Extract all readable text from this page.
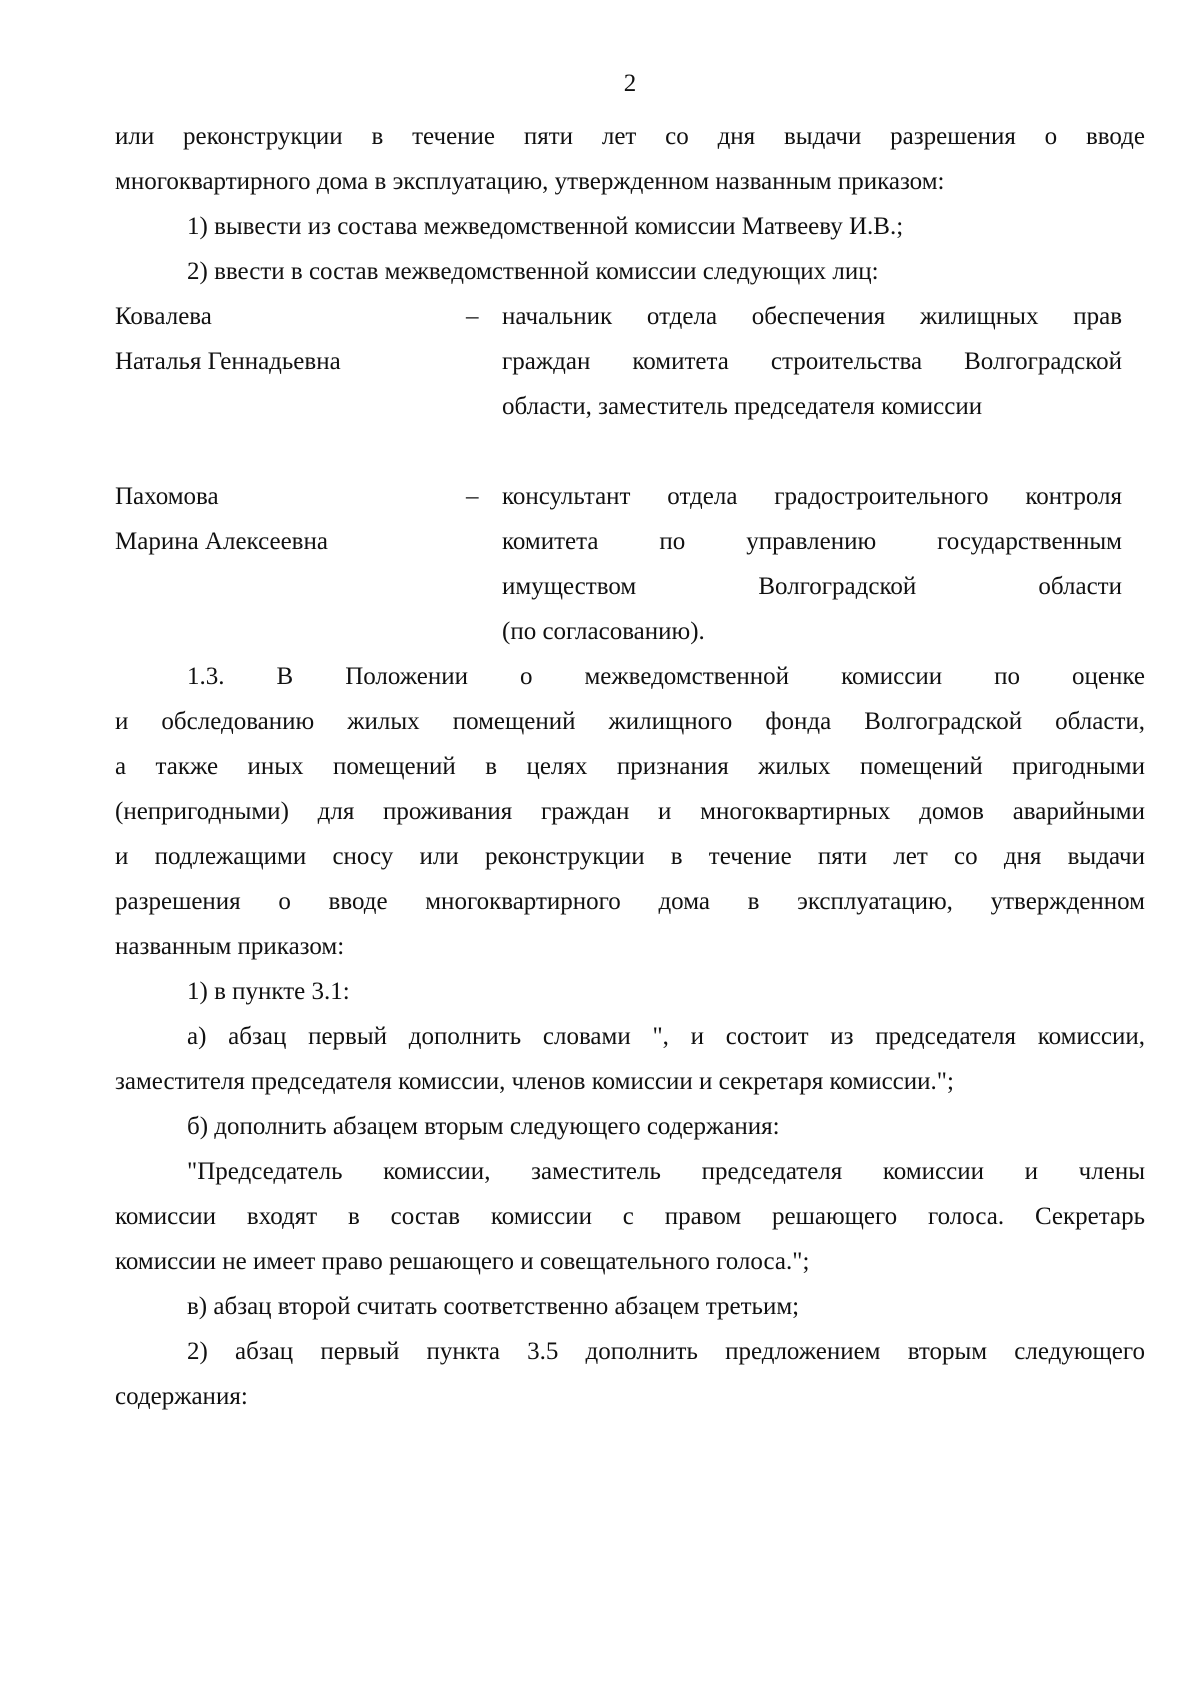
2
или реконструкции в течение пяти лет со дня выдачи разрешения о вводе
многоквартирного дома в эксплуатацию, утвержденном названным приказом:
1) вывести из состава межведомственной комиссии Матвееву И.В.;
2) ввести в состав межведомственной комиссии следующих лиц:
Ковалева
Наталья Геннадьевна
– начальник отдела обеспечения жилищных прав
граждан комитета строительства Волгоградской
области, заместитель председателя комиссии
Пахомова
Марина Алексеевна
– консультант отдела градостроительного контроля
комитета по управлению государственным
имуществом Волгоградской области
(по согласованию).
1.3. В Положении о межведомственной комиссии по оценке
и обследованию жилых помещений жилищного фонда Волгоградской области,
а также иных помещений в целях признания жилых помещений пригодными
(непригодными) для проживания граждан и многоквартирных домов аварийными
и подлежащими сносу или реконструкции в течение пяти лет со дня выдачи
разрешения о вводе многоквартирного дома в эксплуатацию, утвержденном
названным приказом:
1) в пункте 3.1:
а) абзац первый дополнить словами ", и состоит из председателя комиссии,
заместителя председателя комиссии, членов комиссии и секретаря комиссии.";
б) дополнить абзацем вторым следующего содержания:
"Председатель комиссии, заместитель председателя комиссии и члены
комиссии входят в состав комиссии с правом решающего голоса. Секретарь
комиссии не имеет право решающего и совещательного голоса.";
в) абзац второй считать соответственно абзацем третьим;
2) абзац первый пункта 3.5 дополнить предложением вторым следующего
содержания:
